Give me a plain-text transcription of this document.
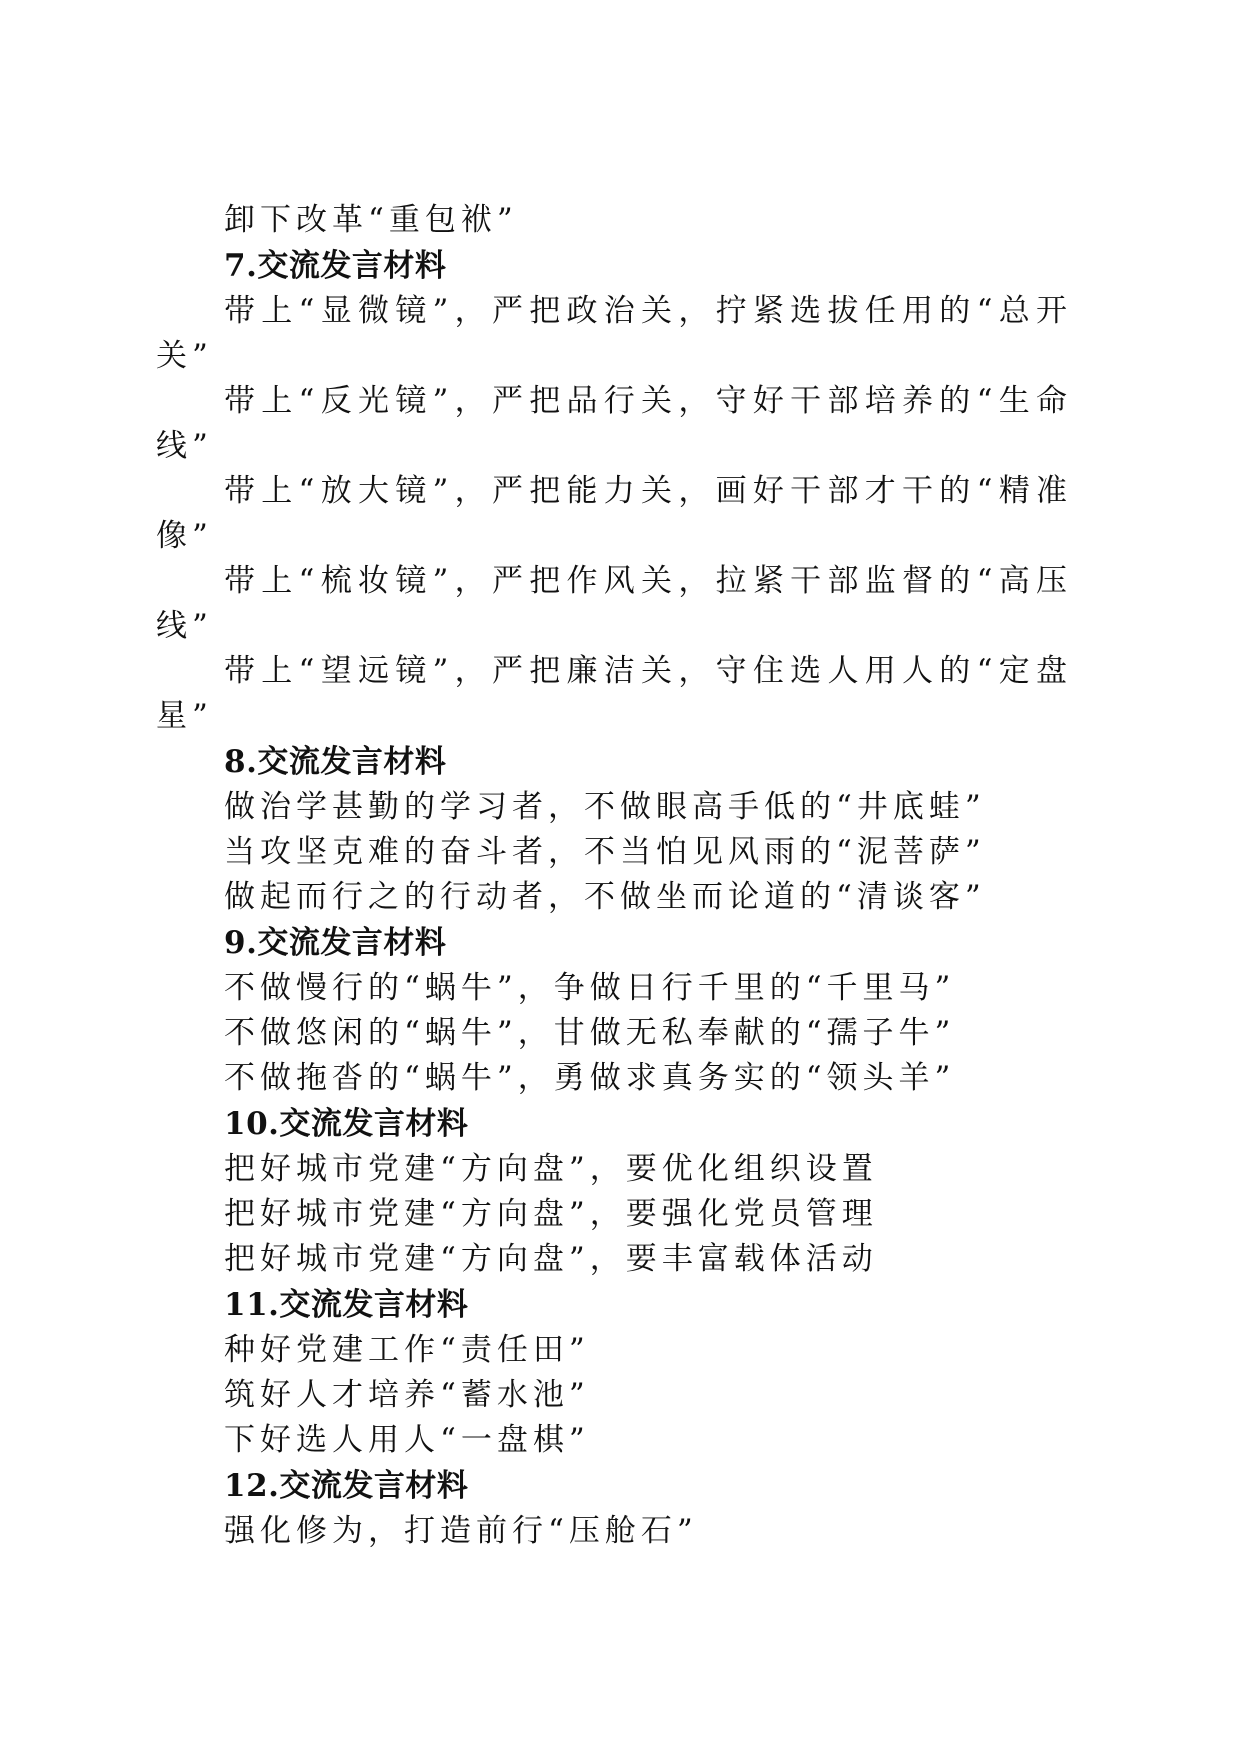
卸下改革“重包袱”
7.交流发言材料

带上“显微镜”，严把政治关，拧紧选拔任用的“总开关”

带上“反光镜”，严把品行关，守好干部培养的“生命线”

带上“放大镜”，严把能力关，画好干部才干的“精准像”

带上“梳妆镜”，严把作风关，拉紧干部监督的“高压线”

带上“望远镜”，严把廉洁关，守住选人用人的“定盘星”

8.交流发言材料
做治学甚勤的学习者，不做眼高手低的“井底蛙”
当攻坚克难的奋斗者，不当怕见风雨的“泥菩萨”
做起而行之的行动者，不做坐而论道的“清谈客”
9.交流发言材料
不做慢行的“蜗牛”，争做日行千里的“千里马”
不做悠闲的“蜗牛”，甘做无私奉献的“孺子牛”
不做拖沓的“蜗牛”，勇做求真务实的“领头羊”
10.交流发言材料
把好城市党建“方向盘”，要优化组织设置
把好城市党建“方向盘”，要强化党员管理
把好城市党建“方向盘”，要丰富载体活动
11.交流发言材料
种好党建工作“责任田”
筑好人才培养“蓄水池”
下好选人用人“一盘棋”
12.交流发言材料
强化修为，打造前行“压舱石”
